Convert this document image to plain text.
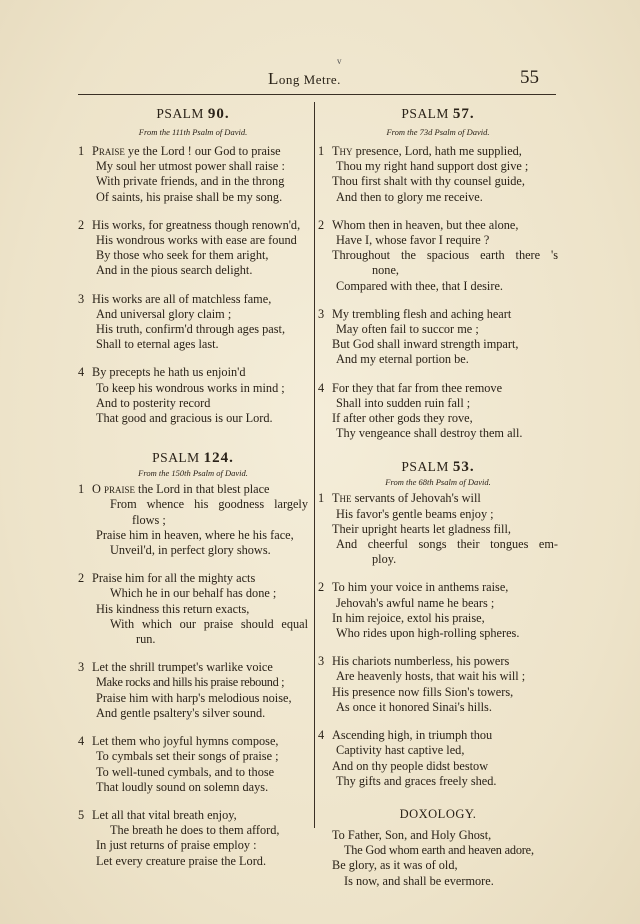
v
Long Metre.	55
PSALM 90.
From the 111th Psalm of David.
1 Praise ye the Lord ! our God to praise
My soul her utmost power shall raise :
With private friends, and in the throng
Of saints, his praise shall be my song.
2 His works, for greatness though renown'd,
His wondrous works with ease are found
By those who seek for them aright,
And in the pious search delight.
3 His works are all of matchless fame,
And universal glory claim ;
His truth, confirm'd through ages past,
Shall to eternal ages last.
4 By precepts he hath us enjoin'd
To keep his wondrous works in mind ;
And to posterity record
That good and gracious is our Lord.
PSALM 124.
From the 150th Psalm of David.
1 O praise the Lord in that blest place
From whence his goodness largely
flows ;
Praise him in heaven, where he his face,
Unveil'd, in perfect glory shows.
2 Praise him for all the mighty acts
Which he in our behalf has done ;
His kindness this return exacts,
With which our praise should equal
run.
3 Let the shrill trumpet's warlike voice
Make rocks and hills his praise rebound ;
Praise him with harp's melodious noise,
And gentle psaltery's silver sound.
4 Let them who joyful hymns compose,
To cymbals set their songs of praise ;
To well-tuned cymbals, and to those
That loudly sound on solemn days.
5 Let all that vital breath enjoy,
The breath he does to them afford,
In just returns of praise employ :
Let every creature praise the Lord.
PSALM 57.
From the 73d Psalm of David.
1 Thy presence, Lord, hath me supplied,
Thou my right hand support dost give ;
Thou first shalt with thy counsel guide,
And then to glory me receive.
2 Whom then in heaven, but thee alone,
Have I, whose favor I require ?
Throughout the spacious earth there 's
none,
Compared with thee, that I desire.
3 My trembling flesh and aching heart
May often fail to succor me ;
But God shall inward strength impart,
And my eternal portion be.
4 For they that far from thee remove
Shall into sudden ruin fall ;
If after other gods they rove,
Thy vengeance shall destroy them all.
PSALM 53.
From the 68th Psalm of David.
1 The servants of Jehovah's will
His favor's gentle beams enjoy ;
Their upright hearts let gladness fill,
And cheerful songs their tongues em-
ploy.
2 To him your voice in anthems raise,
Jehovah's awful name he bears ;
In him rejoice, extol his praise,
Who rides upon high-rolling spheres.
3 His chariots numberless, his powers
Are heavenly hosts, that wait his will ;
His presence now fills Sion's towers,
As once it honored Sinai's hills.
4 Ascending high, in triumph thou
Captivity hast captive led,
And on thy people didst bestow
Thy gifts and graces freely shed.
DOXOLOGY.
To Father, Son, and Holy Ghost,
The God whom earth and heaven adore,
Be glory, as it was of old,
Is now, and shall be evermore.
